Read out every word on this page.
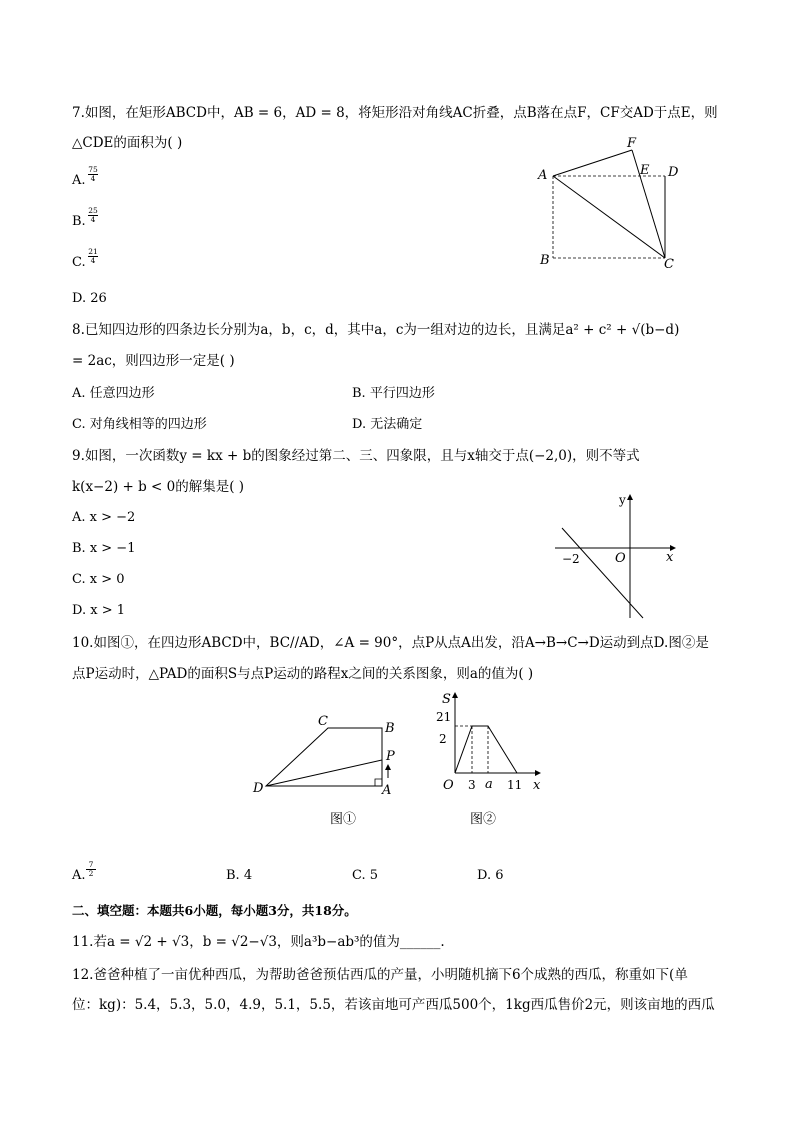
7.如图，在矩形ABCD中，AB = 6，AD = 8，将矩形沿对角线AC折叠，点B落在点F，CF交AD于点E，则
△CDE的面积为( )
A.
75
4
B.
25
4
C.
21
4
D. 26
A
B	C
D
E
F
8.已知四边形的四条边长分别为a，b，c，d，其中a，c为一组对边的边长，且满足a² + c² + √(b−d)
= 2ac，则四边形一定是( )
A. 任意四边形	B. 平行四边形
C. 对角线相等的四边形	D. 无法确定
9.如图，一次函数y = kx + b的图象经过第二、三、四象限，且与x轴交于点(−2,0)，则不等式
k(x−2) + b < 0的解集是( )
A. x > −2
B. x > −1
C. x > 0
D. x > 1
y
x
O
−2
10.如图①，在四边形ABCD中，BC//AD，∠A = 90°，点P从点A出发，沿A→B→C→D运动到点D.图②是
点P运动时，△PAD的面积S与点P运动的路程x之间的关系图象，则a的值为( )
C	B
P
D	A
图①
S
21
2
O 3 a 11 x
图②
A.
7
2	B. 4	C. 5	D. 6
二、填空题：本题共6小题，每小题3分，共18分。
11.若a = √2 + √3，b = √2−√3，则a³b−ab³的值为______.
12.爸爸种植了一亩优种西瓜，为帮助爸爸预估西瓜的产量，小明随机摘下6个成熟的西瓜，称重如下(单
位：kg)：5.4，5.3，5.0，4.9，5.1，5.5，若该亩地可产西瓜500个，1kg西瓜售价2元，则该亩地的西瓜
